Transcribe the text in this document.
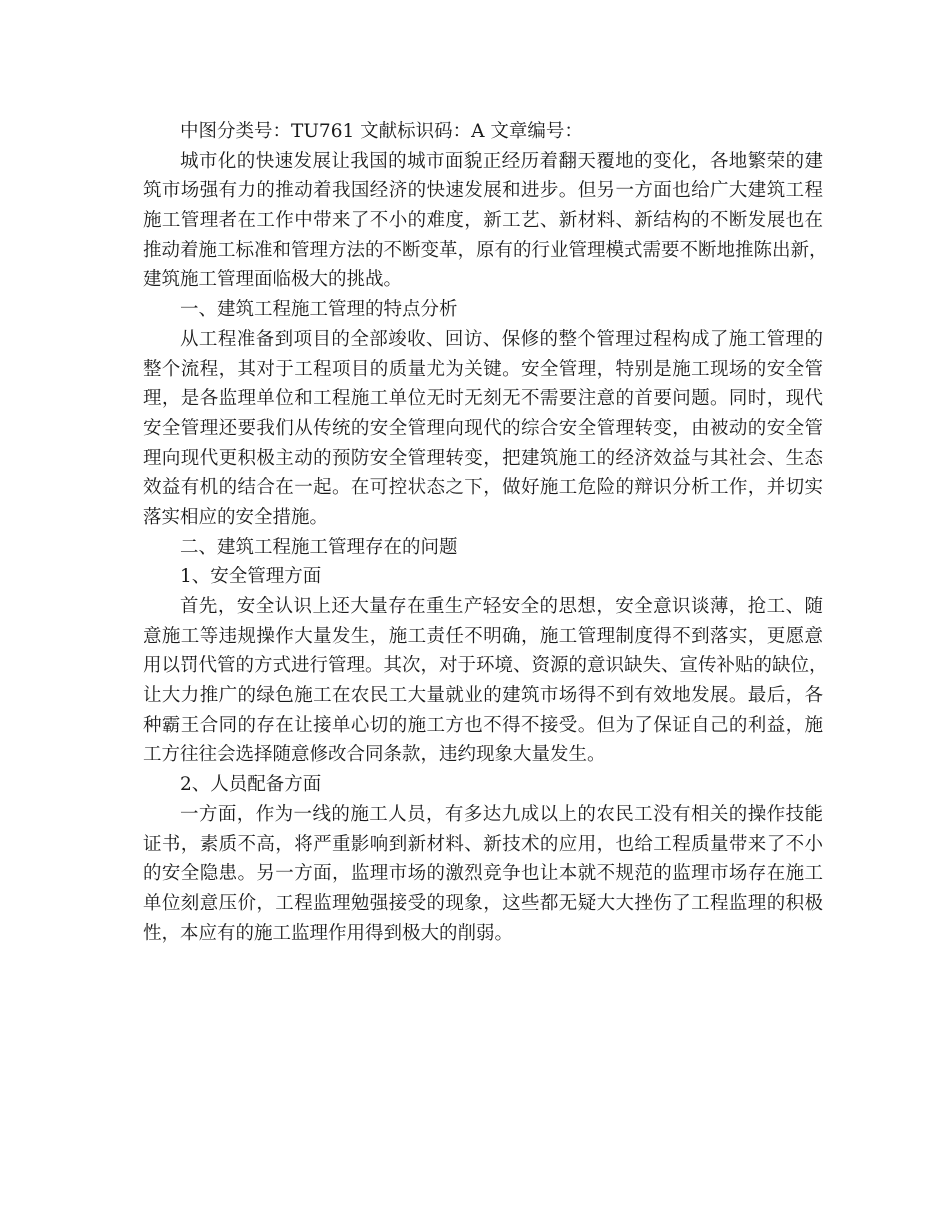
中图分类号：TU761 文献标识码：A 文章编号：

城市化的快速发展让我国的城市面貌正经历着翻天覆地的变化，各地繁荣的建

筑市场强有力的推动着我国经济的快速发展和进步。但另一方面也给广大建筑工程

施工管理者在工作中带来了不小的难度，新工艺、新材料、新结构的不断发展也在

推动着施工标准和管理方法的不断变革，原有的行业管理模式需要不断地推陈出新，

建筑施工管理面临极大的挑战。

一、建筑工程施工管理的特点分析

从工程准备到项目的全部竣收、回访、保修的整个管理过程构成了施工管理的

整个流程，其对于工程项目的质量尤为关键。安全管理，特别是施工现场的安全管

理，是各监理单位和工程施工单位无时无刻无不需要注意的首要问题。同时，现代

安全管理还要我们从传统的安全管理向现代的综合安全管理转变，由被动的安全管

理向现代更积极主动的预防安全管理转变，把建筑施工的经济效益与其社会、生态

效益有机的结合在一起。在可控状态之下，做好施工危险的辩识分析工作，并切实

落实相应的安全措施。

二、建筑工程施工管理存在的问题

1、安全管理方面

首先，安全认识上还大量存在重生产轻安全的思想，安全意识谈薄，抢工、随

意施工等违规操作大量发生，施工责任不明确，施工管理制度得不到落实，更愿意

用以罚代管的方式进行管理。其次，对于环境、资源的意识缺失、宣传补贴的缺位，

让大力推广的绿色施工在农民工大量就业的建筑市场得不到有效地发展。最后，各

种霸王合同的存在让接单心切的施工方也不得不接受。但为了保证自己的利益，施

工方往往会选择随意修改合同条款，违约现象大量发生。

2、人员配备方面

一方面，作为一线的施工人员，有多达九成以上的农民工没有相关的操作技能

证书，素质不高，将严重影响到新材料、新技术的应用，也给工程质量带来了不小

的安全隐患。另一方面，监理市场的激烈竞争也让本就不规范的监理市场存在施工

单位刻意压价，工程监理勉强接受的现象，这些都无疑大大挫伤了工程监理的积极

性，本应有的施工监理作用得到极大的削弱。
